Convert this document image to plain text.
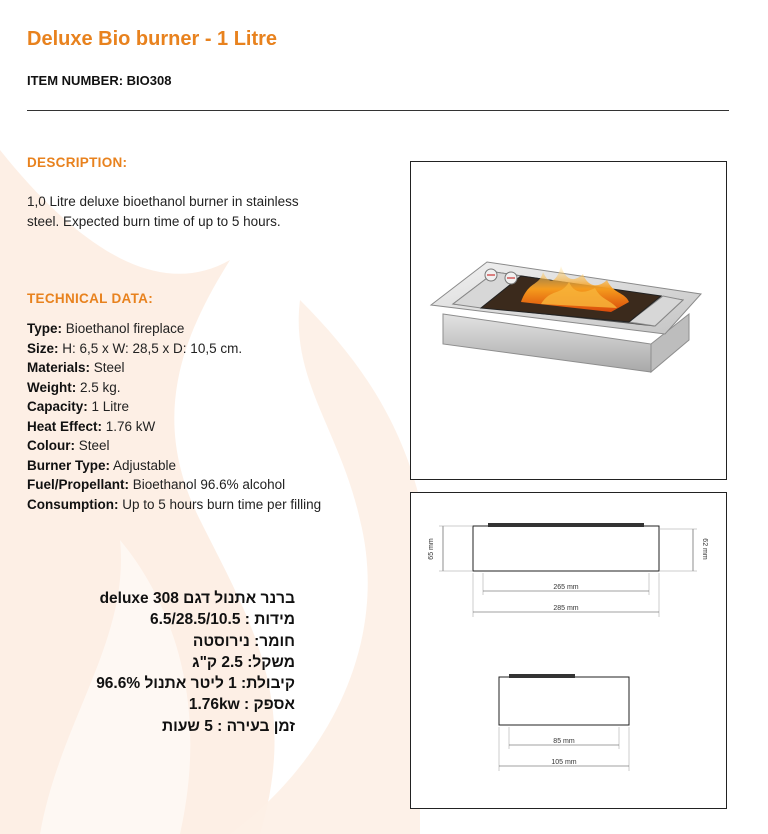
Deluxe Bio burner - 1 Litre
ITEM NUMBER: BIO308
DESCRIPTION:
1,0 Litre deluxe bioethanol burner in stainless
steel. Expected burn time of up to 5 hours.
TECHNICAL DATA:
Type: Bioethanol fireplace
Size: H: 6,5 x W: 28,5 x D: 10,5 cm.
Materials: Steel
Weight: 2.5 kg.
Capacity: 1 Litre
Heat Effect: 1.76 kW
Colour: Steel
Burner Type: Adjustable
Fuel/Propellant: Bioethanol 96.6% alcohol
Consumption: Up to 5 hours burn time per filling
ברנר אתנול דגם deluxe 308
מידות : 6.5/28.5/10.5
חומר: נירוסטה
משקל: 2.5 ק"ג
קיבולת: 1 ליטר אתנול 96.6%
אספק : 1.76kw
זמן בעירה : 5 שעות
65 mm	62 mm
265 mm
285 mm
85 mm
105 mm
